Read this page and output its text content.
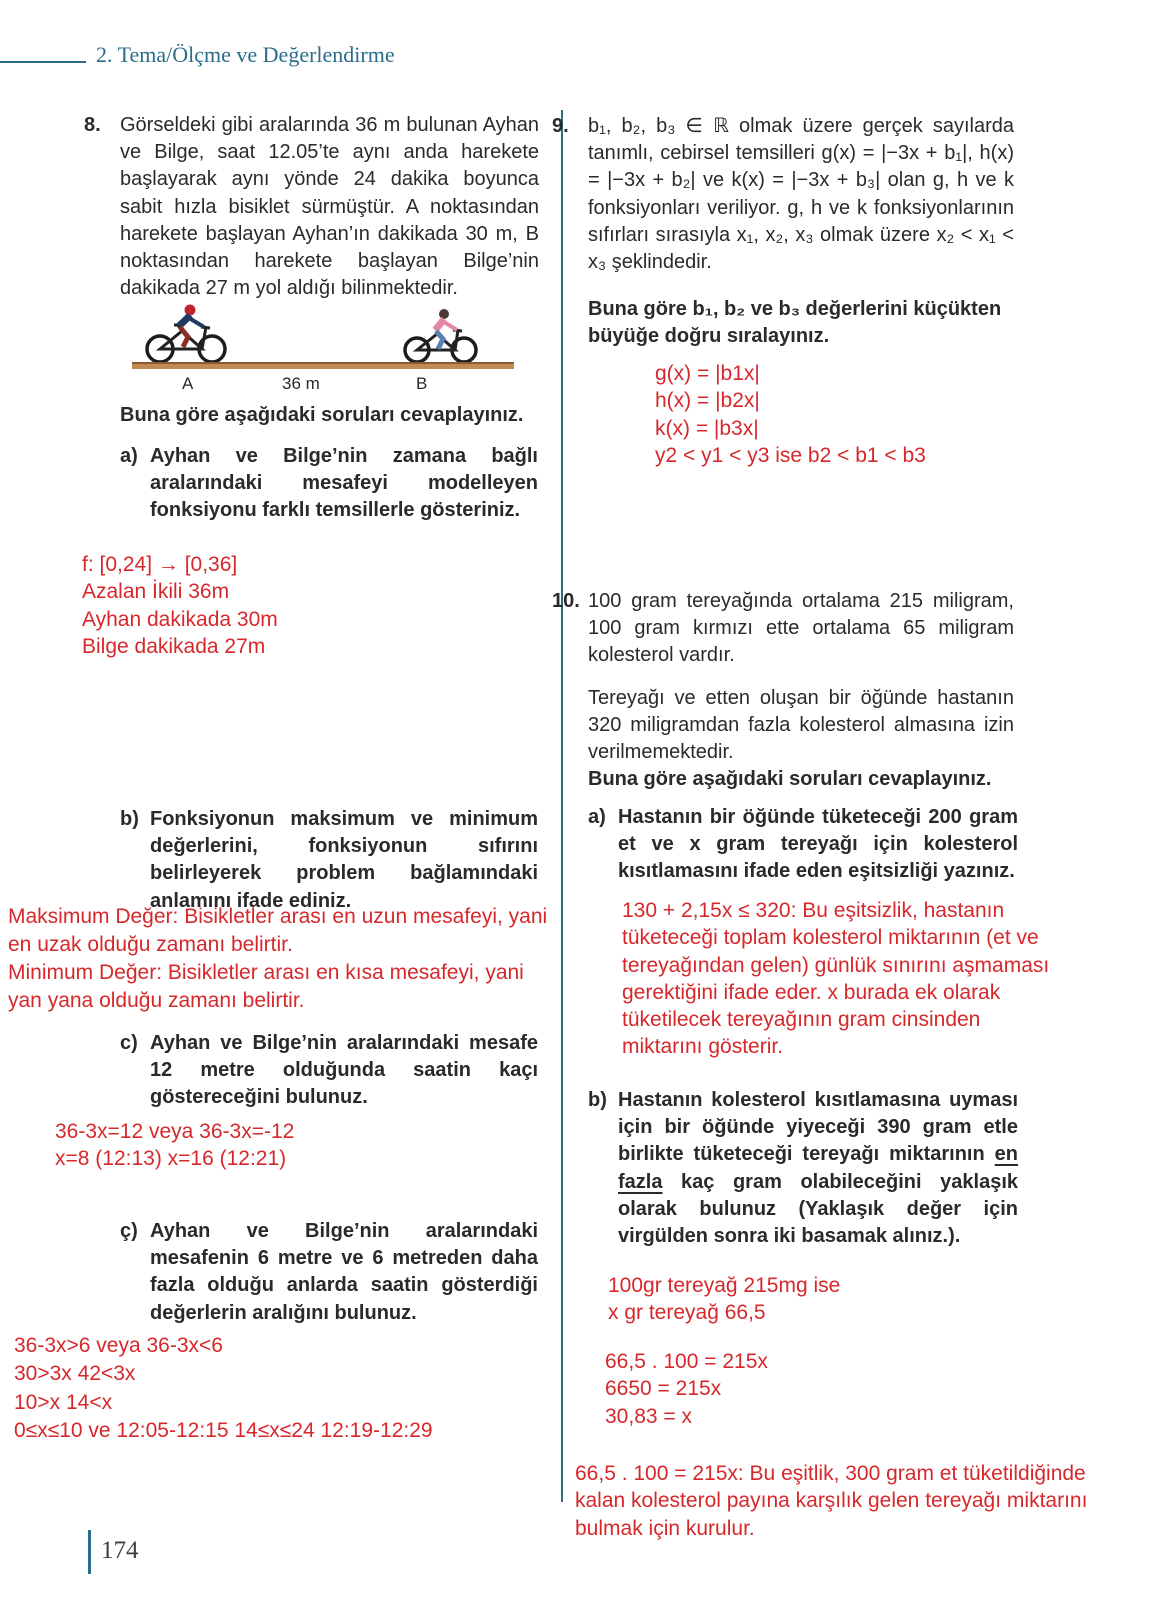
2. Tema/Ölçme ve Değerlendirme
8. Görseldeki gibi aralarında 36 m bulunan Ayhan ve Bilge, saat 12.05’te aynı anda harekete başlayarak aynı yönde 24 dakika boyunca sabit hızla bisiklet sürmüştür. A noktasından harekete başlayan Ayhan’ın dakikada 30 m, B noktasından harekete başlayan Bilge’nin dakikada 27 m yol aldığı bilinmektedir.
A	36 m	B
Buna göre aşağıdaki soruları cevaplayınız.
a) Ayhan ve Bilge’nin zamana bağlı aralarındaki mesafeyi modelleyen fonksiyonu farklı temsillerle gösteriniz.
f: [0,24] → [0,36]
Azalan İkili 36m
Ayhan dakikada 30m
Bilge dakikada 27m
b) Fonksiyonun maksimum ve minimum değerlerini, fonksiyonun sıfırını belirleyerek problem bağlamındaki anlamını ifade ediniz.
Maksimum Değer: Bisikletler arası en uzun mesafeyi, yani
en uzak olduğu zamanı belirtir.
Minimum Değer: Bisikletler arası en kısa mesafeyi, yani
yan yana olduğu zamanı belirtir.
c) Ayhan ve Bilge’nin aralarındaki mesafe 12 metre olduğunda saatin kaçı göstereceğini bulunuz.
36-3x=12 veya 36-3x=-12
x=8 (12:13) x=16 (12:21)
ç) Ayhan ve Bilge’nin aralarındaki mesafenin 6 metre ve 6 metreden daha fazla olduğu anlarda saatin gösterdiği değerlerin aralığını bulunuz.
36-3x>6 veya 36-3x<6
30>3x 42<3x
10>x 14<x
0≤x≤10 ve 12:05-12:15 14≤x≤24 12:19-12:29
174
9. b₁, b₂, b₃ ∈ ℝ olmak üzere gerçek sayılarda tanımlı, cebirsel temsilleri g(x) = |−3x + b₁|, h(x) = |−3x + b₂| ve k(x) = |−3x + b₃| olan g, h ve k fonksiyonları veriliyor. g, h ve k fonksiyonlarının sıfırları sırasıyla x₁, x₂, x₃ olmak üzere x₂ < x₁ < x₃ şeklindedir.
Buna göre b₁, b₂ ve b₃ değerlerini küçükten büyüğe doğru sıralayınız.
g(x) = |b1x|
h(x) = |b2x|
k(x) = |b3x|
y2 < y1 < y3 ise b2 < b1 < b3
10. 100 gram tereyağında ortalama 215 miligram, 100 gram kırmızı ette ortalama 65 miligram kolesterol vardır.

Tereyağı ve etten oluşan bir öğünde hastanın 320 miligramdan fazla kolesterol almasına izin verilmemektedir.

Buna göre aşağıdaki soruları cevaplayınız.
a) Hastanın bir öğünde tüketeceği 200 gram et ve x gram tereyağı için kolesterol kısıtlamasını ifade eden eşitsizliği yazınız.
130 + 2,15x ≤ 320: Bu eşitsizlik, hastanın tüketeceği toplam kolesterol miktarının (et ve tereyağından gelen) günlük sınırını aşmaması gerektiğini ifade eder. x burada ek olarak tüketilecek tereyağının gram cinsinden miktarını gösterir.
b) Hastanın kolesterol kısıtlamasına uyması için bir öğünde yiyeceği 390 gram etle birlikte tüketeceği tereyağı miktarının en fazla kaç gram olabileceğini yaklaşık olarak bulunuz (Yaklaşık değer için virgülden sonra iki basamak alınız.).
100gr tereyağ 215mg ise
x gr tereyağ 66,5
66,5 . 100 = 215x
6650 = 215x
30,83 = x
66,5 . 100 = 215x: Bu eşitlik, 300 gram et tüketildiğinde kalan kolesterol payına karşılık gelen tereyağı miktarını bulmak için kurulur.
